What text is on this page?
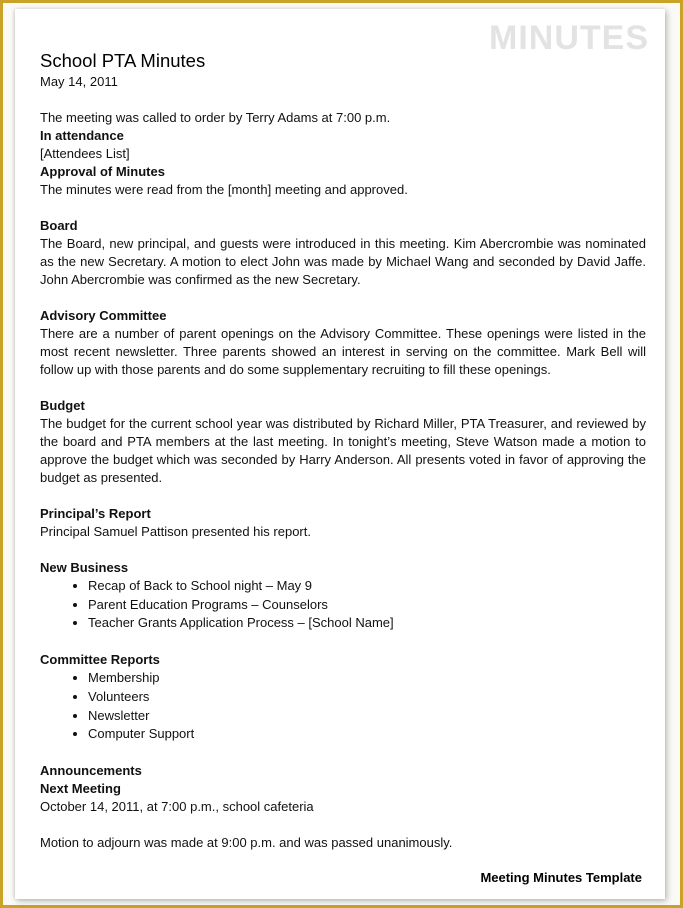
MINUTES
School PTA Minutes

May 14, 2011

The meeting was called to order by Terry Adams at 7:00 p.m.

In attendance

[Attendees List]

Approval of Minutes

The minutes were read from the [month] meeting and approved.

Board

The Board, new principal, and guests were introduced in this meeting. Kim Abercrombie was nominated as the new Secretary. A motion to elect John was made by Michael Wang and seconded by David Jaffe. John Abercrombie was confirmed as the new Secretary.

Advisory Committee

There are a number of parent openings on the Advisory Committee. These openings were listed in the most recent newsletter. Three parents showed an interest in serving on the committee. Mark Bell will follow up with those parents and do some supplementary recruiting to fill these openings.

Budget

The budget for the current school year was distributed by Richard Miller, PTA Treasurer, and reviewed by the board and PTA members at the last meeting. In tonight’s meeting, Steve Watson made a motion to approve the budget which was seconded by Harry Anderson. All presents voted in favor of approving the budget as presented.

Principal’s Report

Principal Samuel Pattison presented his report.

New Business

• Recap of Back to School night – May 9
• Parent Education Programs – Counselors
• Teacher Grants Application Process – [School Name]

Committee Reports

• Membership
• Volunteers
• Newsletter
• Computer Support

Announcements

Next Meeting

October 14, 2011, at 7:00 p.m., school cafeteria

Motion to adjourn was made at 9:00 p.m. and was passed unanimously.

Meeting Minutes Template
